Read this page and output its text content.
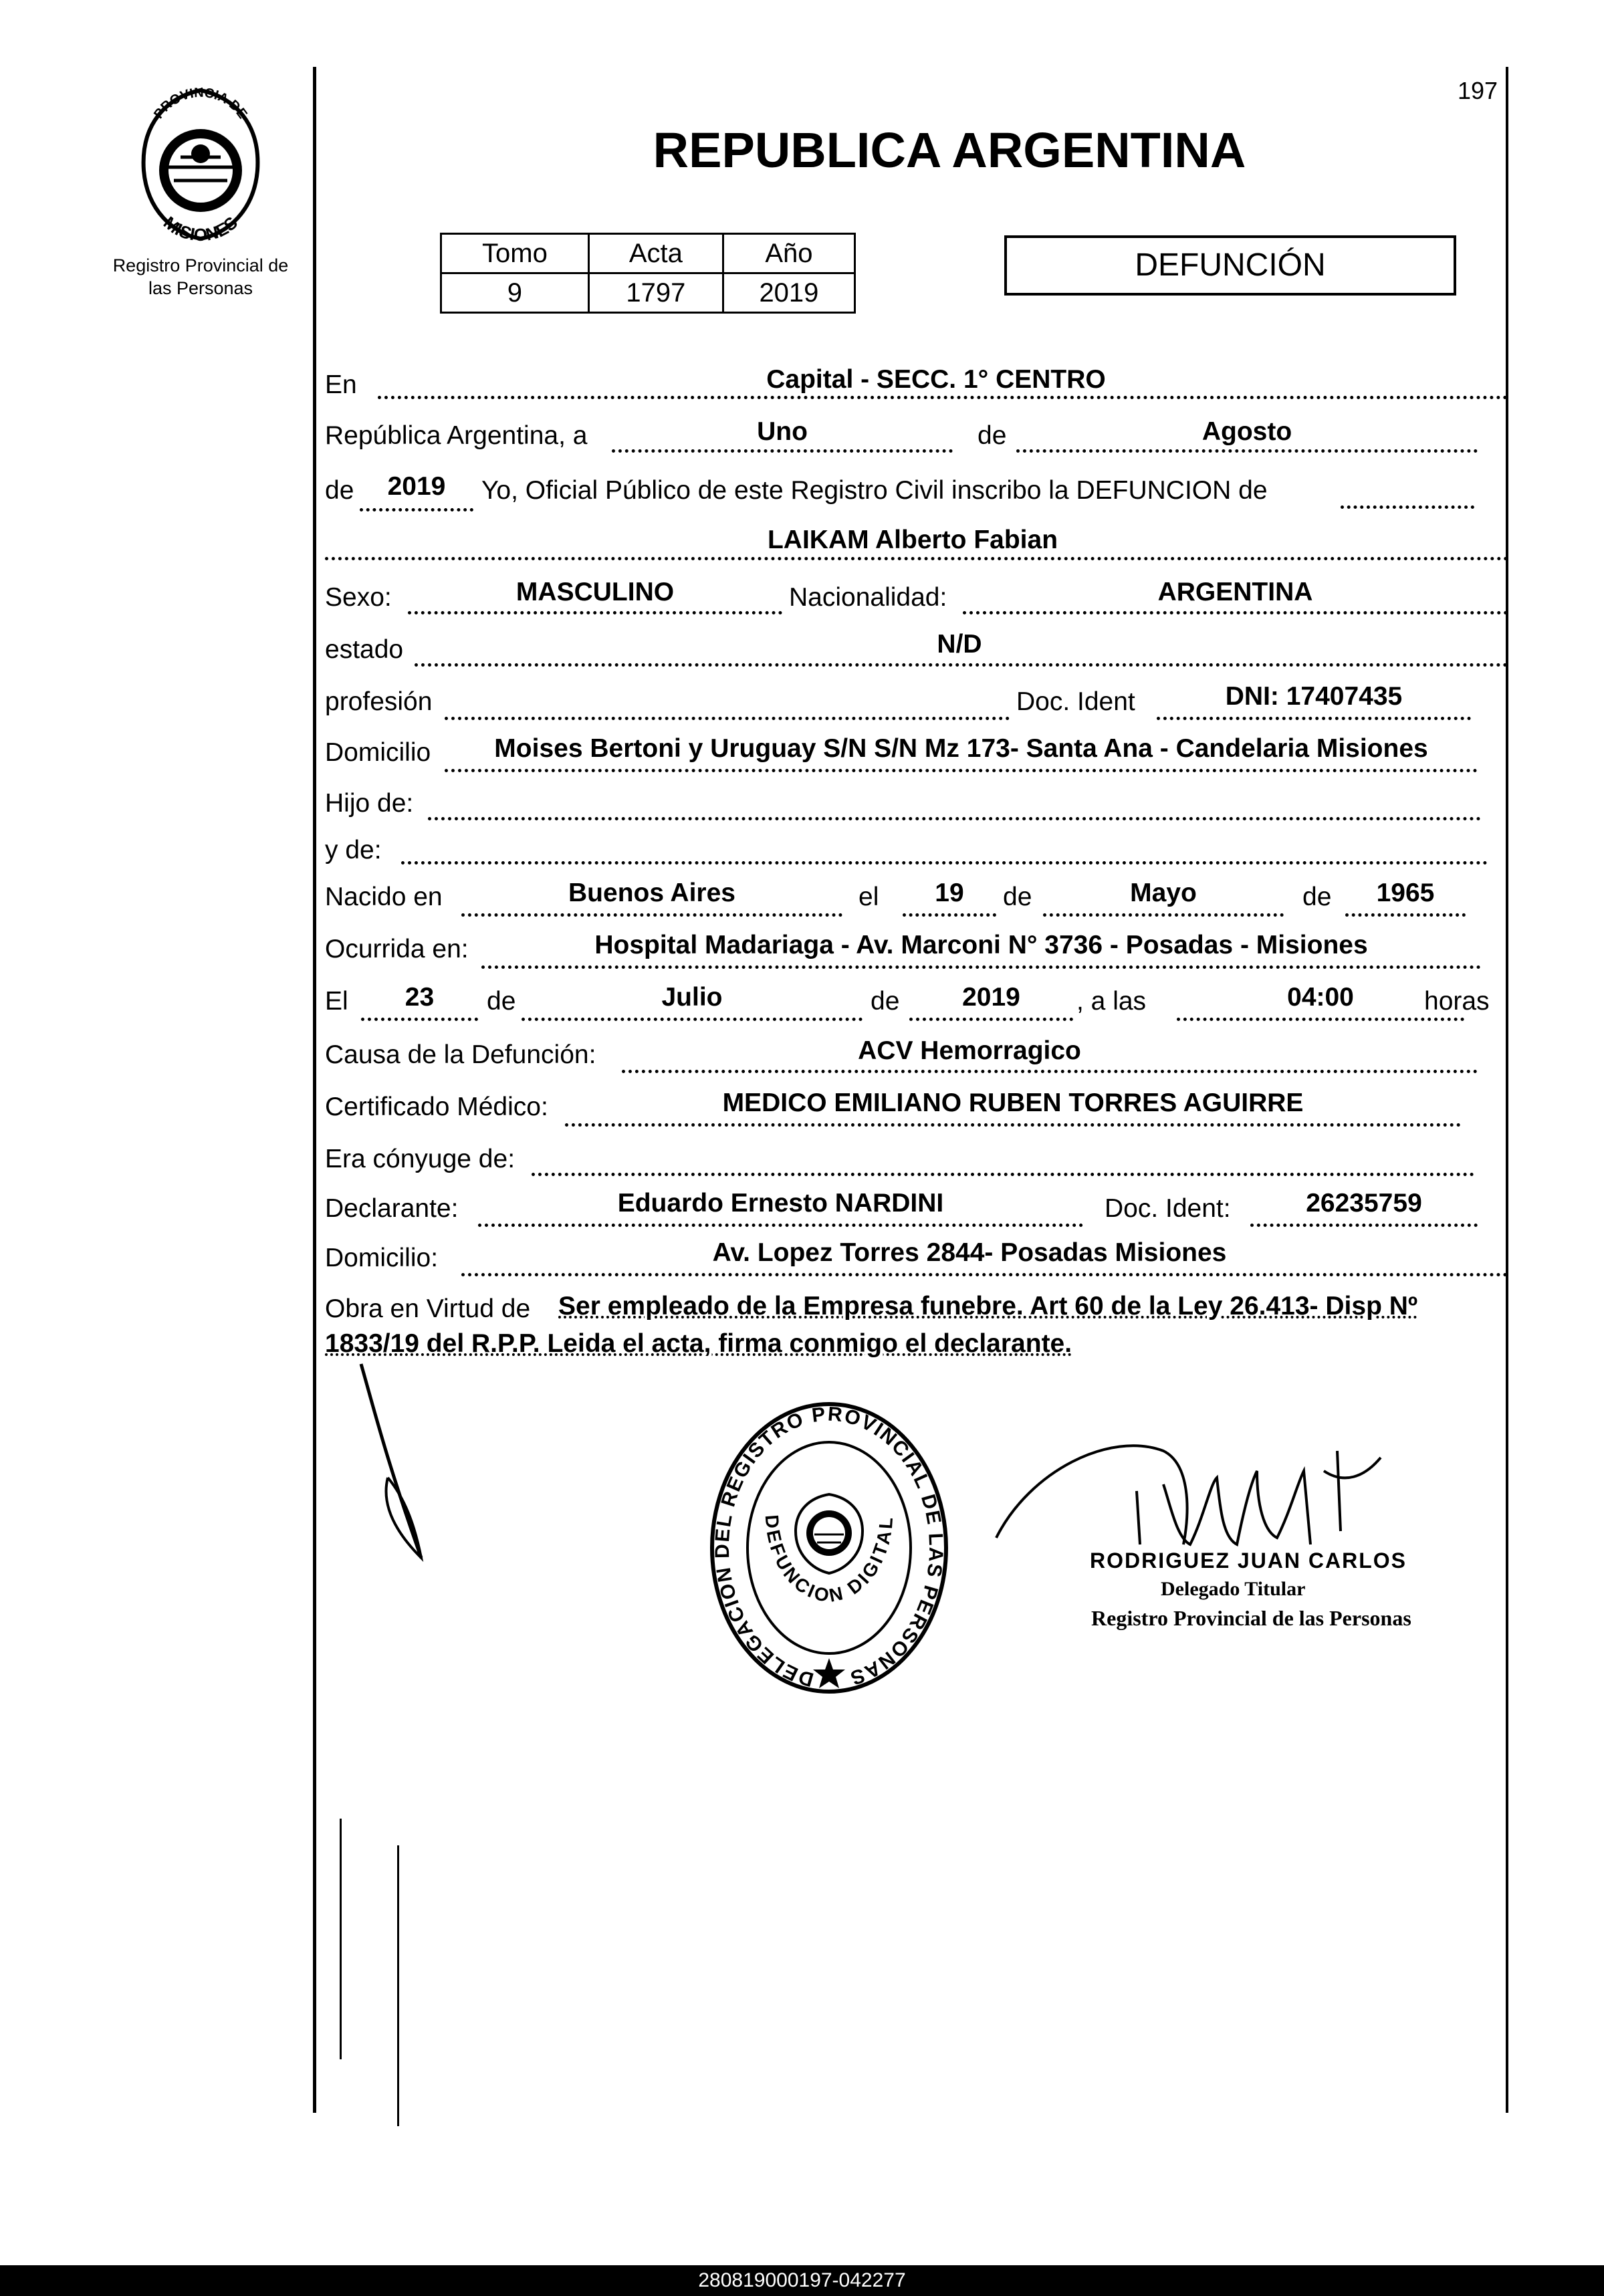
197
PROVINCIA DE
MISIONES
Registro Provincial de
las Personas
REPUBLICA ARGENTINA
Tomo	Acta	Año
9	1797	2019
DEFUNCIÓN
En	Capital - SECC. 1° CENTRO
República Argentina, a	Uno	de	Agosto
de	2019	Yo, Oficial Público de este Registro Civil inscribo la DEFUNCION de
LAIKAM Alberto Fabian
Sexo:	MASCULINO	Nacionalidad:	ARGENTINA
estado	N/D
profesión	Doc. Ident	DNI: 17407435
Domicilio	Moises Bertoni y Uruguay S/N S/N Mz 173- Santa Ana - Candelaria Misiones
Hijo de:
y de:
Nacido en	Buenos Aires	el	19	de	Mayo	de	1965
Ocurrida en:	Hospital Madariaga - Av. Marconi N° 3736 - Posadas - Misiones
El	23	de	Julio	de	2019	, a las	04:00	horas
Causa de la Defunción:	ACV Hemorragico
Certificado Médico:	MEDICO EMILIANO RUBEN TORRES AGUIRRE
Era cónyuge de:
Declarante:	Eduardo Ernesto NARDINI	Doc. Ident:	26235759
Domicilio:	Av. Lopez Torres 2844- Posadas Misiones
Obra en Virtud de Ser empleado de la Empresa funebre. Art 60 de la Ley 26.413- Disp Nº
1833/19 del R.P.P. Leida el acta, firma conmigo el declarante.
DELEGACION DEL REGISTRO PROVINCIAL DE LAS PERSONAS
DEFUNCION DIGITAL
RODRIGUEZ JUAN CARLOS
Delegado Titular
Registro Provincial de las Personas
280819000197-042277
